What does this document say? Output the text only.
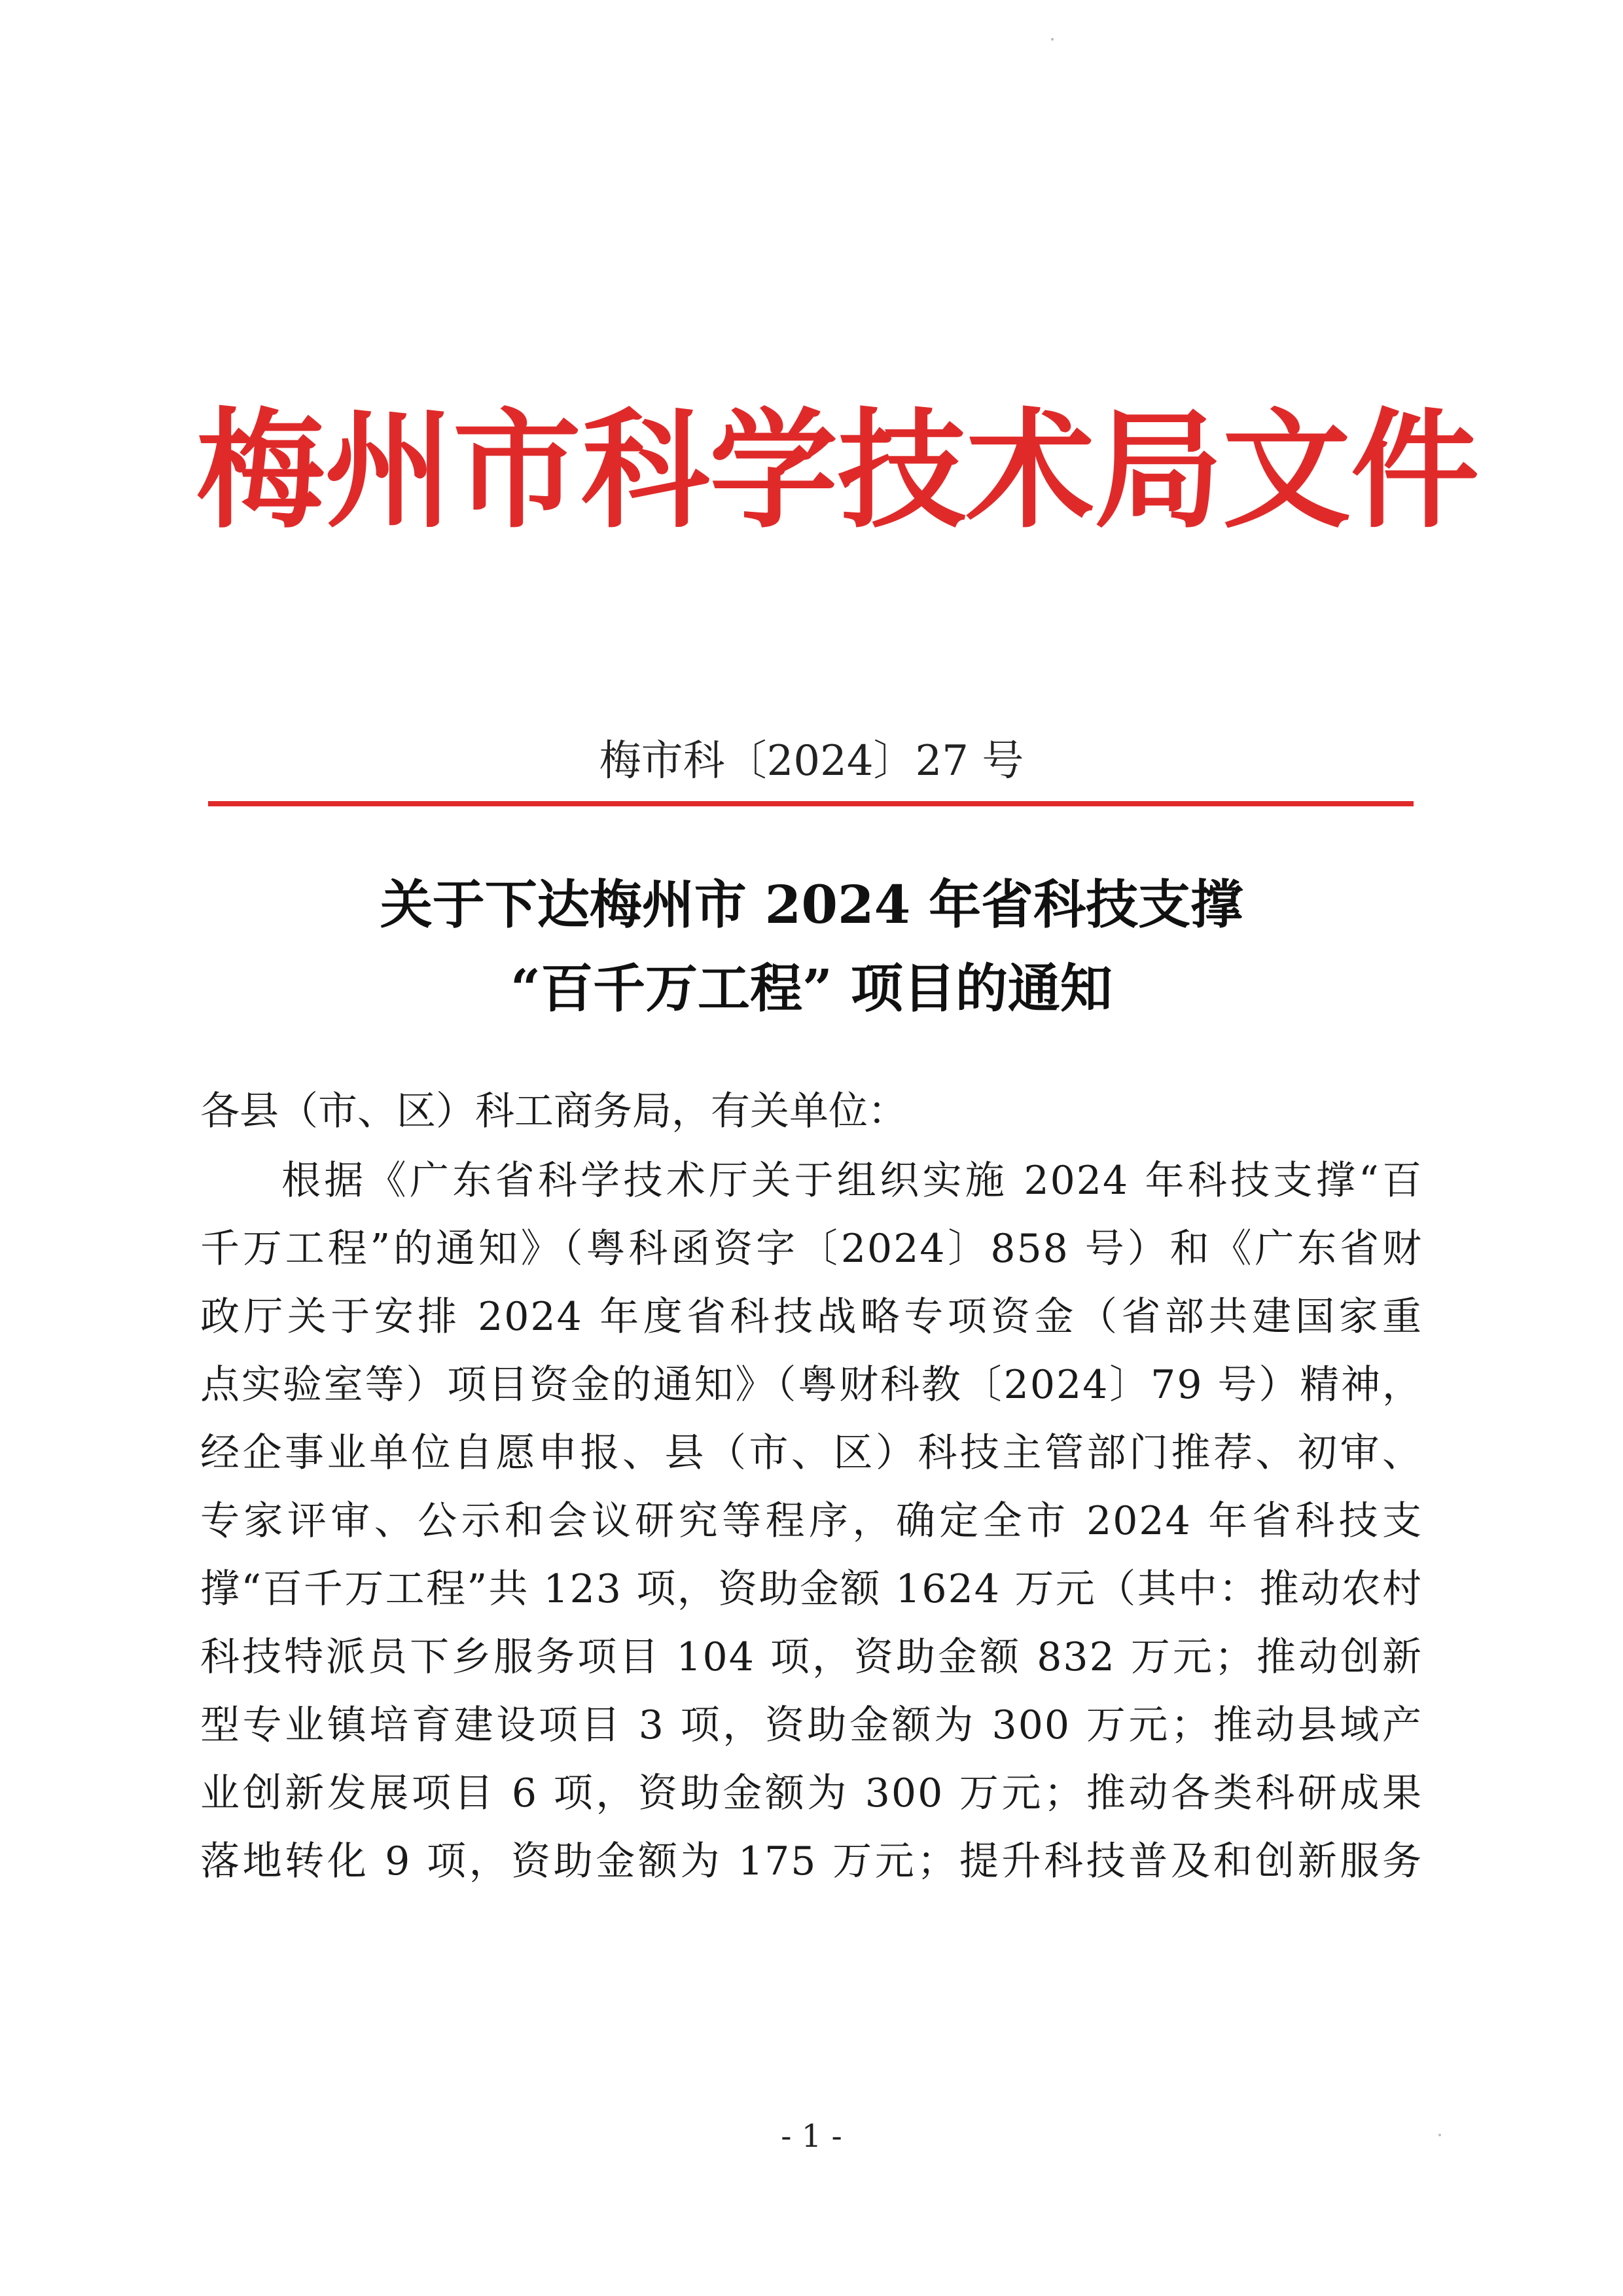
梅州市科学技术局文件
梅市科〔2024〕27 号
关于下达梅州市 2024 年省科技支撑
“百千万工程” 项目的通知
各县（市、区）科工商务局，有关单位：
根据《广东省科学技术厅关于组织实施 2024 年科技支撑“百
千万工程”的通知》（粤科函资字〔2024〕858 号）和《广东省财
政厅关于安排 2024 年度省科技战略专项资金（省部共建国家重
点实验室等）项目资金的通知》（粤财科教〔2024〕79 号）精神，
经企事业单位自愿申报、县（市、区）科技主管部门推荐、初审、
专家评审、公示和会议研究等程序，确定全市 2024 年省科技支
撑“百千万工程”共 123 项，资助金额 1624 万元（其中：推动农村
科技特派员下乡服务项目 104 项，资助金额 832 万元；推动创新
型专业镇培育建设项目 3 项，资助金额为 300 万元；推动县域产
业创新发展项目 6 项，资助金额为 300 万元；推动各类科研成果
落地转化 9 项，资助金额为 175 万元；提升科技普及和创新服务
- 1 -
